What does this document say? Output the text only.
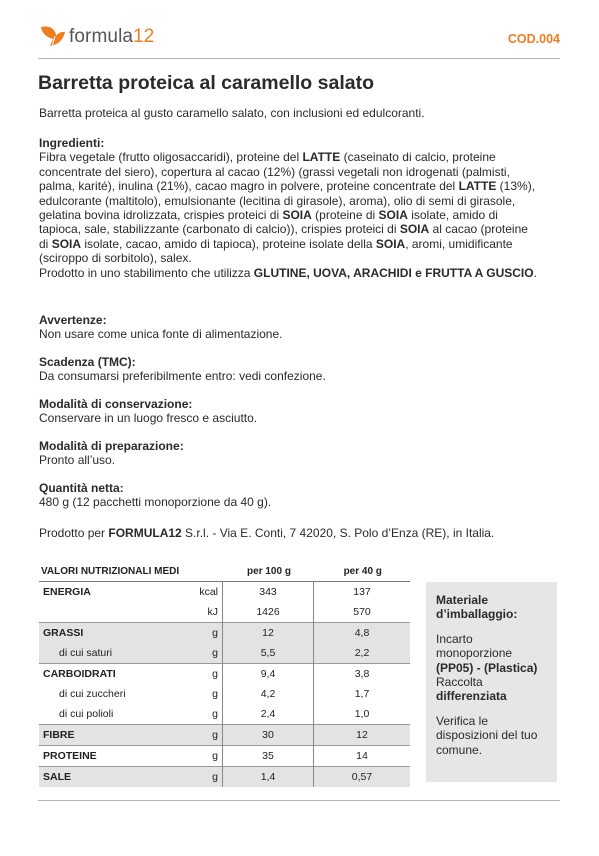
formula12	COD.004
Barretta proteica al caramello salato
Barretta proteica al gusto caramello salato, con inclusioni ed edulcoranti.
Ingredienti:
Fibra vegetale (frutto oligosaccaridi), proteine del LATTE (caseinato di calcio, proteine concentrate del siero), copertura al cacao (12%) (grassi vegetali non idrogenati (palmisti, palma, karité), inulina (21%), cacao magro in polvere, proteine concentrate del LATTE (13%), edulcorante (maltitolo), emulsionante (lecitina di girasole), aroma), olio di semi di girasole, gelatina bovina idrolizzata, crispies proteici di SOIA (proteine di SOIA isolate, amido di tapioca, sale, stabilizzante (carbonato di calcio)), crispies proteici di SOIA al cacao (proteine di SOIA isolate, cacao, amido di tapioca), proteine isolate della SOIA, aromi, umidificante (sciroppo di sorbitolo), salex.
Prodotto in uno stabilimento che utilizza GLUTINE, UOVA, ARACHIDI e FRUTTA A GUSCIO.
Avvertenze:
Non usare come unica fonte di alimentazione.
Scadenza (TMC):
Da consumarsi preferibilmente entro: vedi confezione.
Modalità di conservazione:
Conservare in un luogo fresco e asciutto.
Modalità di preparazione:
Pronto all’uso.
Quantità netta:
480 g (12 pacchetti monoporzione da 40 g).
Prodotto per FORMULA12 S.r.l. - Via E. Conti, 7 42020, S. Polo d’Enza (RE), in Italia.
VALORI NUTRIZIONALI MEDI		per 100 g	per 40 g
ENERGIA	kcal	343	137
	kJ	1426	570
GRASSI	g	12	4,8
di cui saturi	g	5,5	2,2
CARBOIDRATI	g	9,4	3,8
di cui zuccheri	g	4,2	1,7
di cui polioli	g	2,4	1,0
FIBRE	g	30	12
PROTEINE	g	35	14
SALE	g	1,4	0,57

Materiale d’imballaggio:

Incarto monoporzione
(PP05) - (Plastica)
Raccolta
differenziata

Verifica le disposizioni del tuo comune.
